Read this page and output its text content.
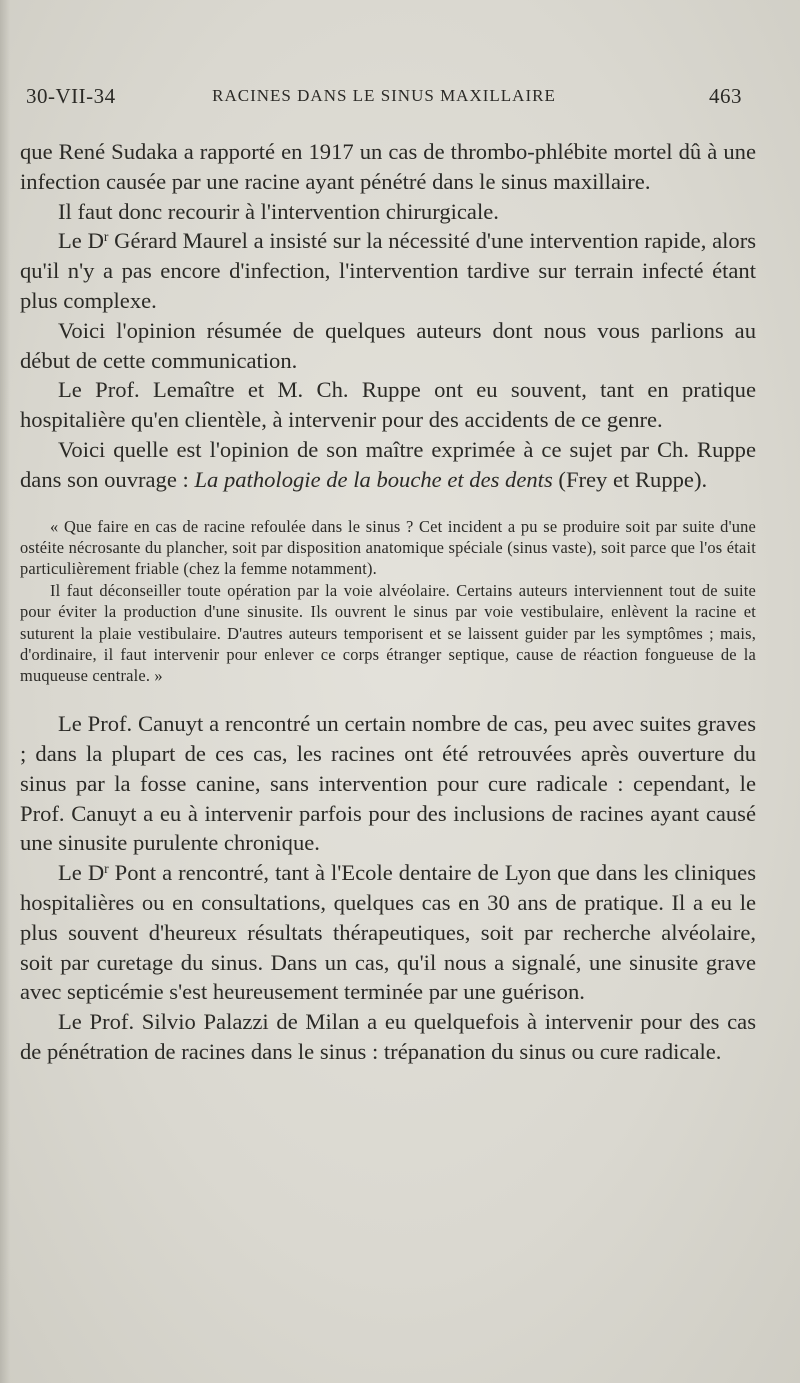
30-VII-34	RACINES DANS LE SINUS MAXILLAIRE	463

que René Sudaka a rapporté en 1917 un cas de thrombo-phlébite mortel dû à une infection causée par une racine ayant pénétré dans le sinus maxillaire.

Il faut donc recourir à l'intervention chirurgicale.

Le $D^r$ Gérard Maurel a insisté sur la nécessité d'une intervention rapide, alors qu'il n'y a pas encore d'infection, l'intervention tardive sur terrain infecté étant plus complexe.

Voici l'opinion résumée de quelques auteurs dont nous vous parlions au début de cette communication.

Le Prof. Lemaître et M. Ch. Ruppe ont eu souvent, tant en pratique hospitalière qu'en clientèle, à intervenir pour des accidents de ce genre.

Voici quelle est l'opinion de son maître exprimée à ce sujet par Ch. Ruppe dans son ouvrage : La pathologie de la bouche et des dents (Frey et Ruppe).

« Que faire en cas de racine refoulée dans le sinus ? Cet incident a pu se produire soit par suite d'une ostéite nécrosante du plancher, soit par disposition anatomique spéciale (sinus vaste), soit parce que l'os était particulièrement friable (chez la femme notamment).

Il faut déconseiller toute opération par la voie alvéolaire. Certains auteurs interviennent tout de suite pour éviter la production d'une sinusite. Ils ouvrent le sinus par voie vestibulaire, enlèvent la racine et suturent la plaie vestibulaire. D'autres auteurs temporisent et se laissent guider par les symptômes ; mais, d'ordinaire, il faut intervenir pour enlever ce corps étranger septique, cause de réaction fongueuse de la muqueuse centrale. »

Le Prof. Canuyt a rencontré un certain nombre de cas, peu avec suites graves ; dans la plupart de ces cas, les racines ont été retrouvées après ouverture du sinus par la fosse canine, sans intervention pour cure radicale : cependant, le Prof. Canuyt a eu à intervenir parfois pour des inclusions de racines ayant causé une sinusite purulente chronique.

Le $D^r$ Pont a rencontré, tant à l'Ecole dentaire de Lyon que dans les cliniques hospitalières ou en consultations, quelques cas en 30 ans de pratique. Il a eu le plus souvent d'heureux résultats thérapeutiques, soit par recherche alvéolaire, soit par curetage du sinus. Dans un cas, qu'il nous a signalé, une sinusite grave avec septicémie s'est heureusement terminée par une guérison.

Le Prof. Silvio Palazzi de Milan a eu quelquefois à intervenir pour des cas de pénétration de racines dans le sinus : trépanation du sinus ou cure radicale.
